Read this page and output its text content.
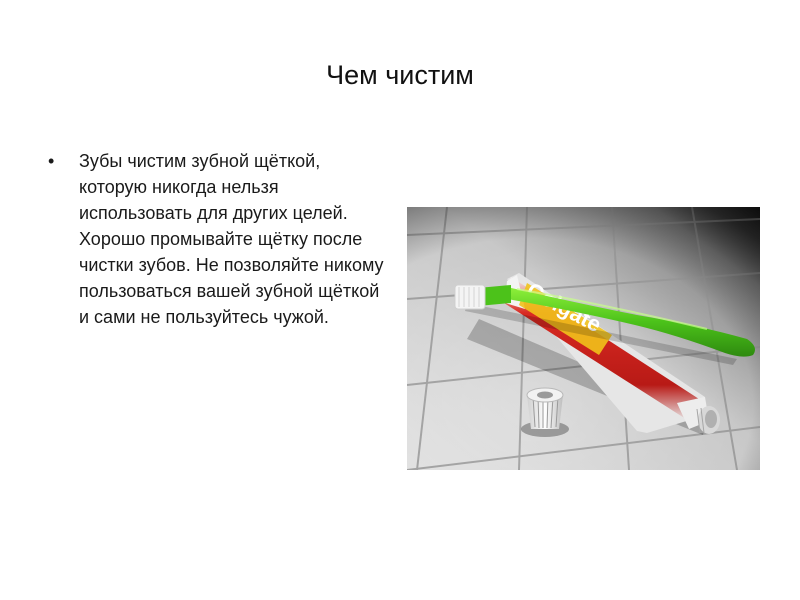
Чем чистим
•	Зубы чистим зубной щёткой, которую никогда нельзя использовать для других целей. Хорошо промывайте щётку после чистки зубов. Не позволяйте никому пользоваться вашей зубной щёткой и сами не пользуйтесь чужой.
